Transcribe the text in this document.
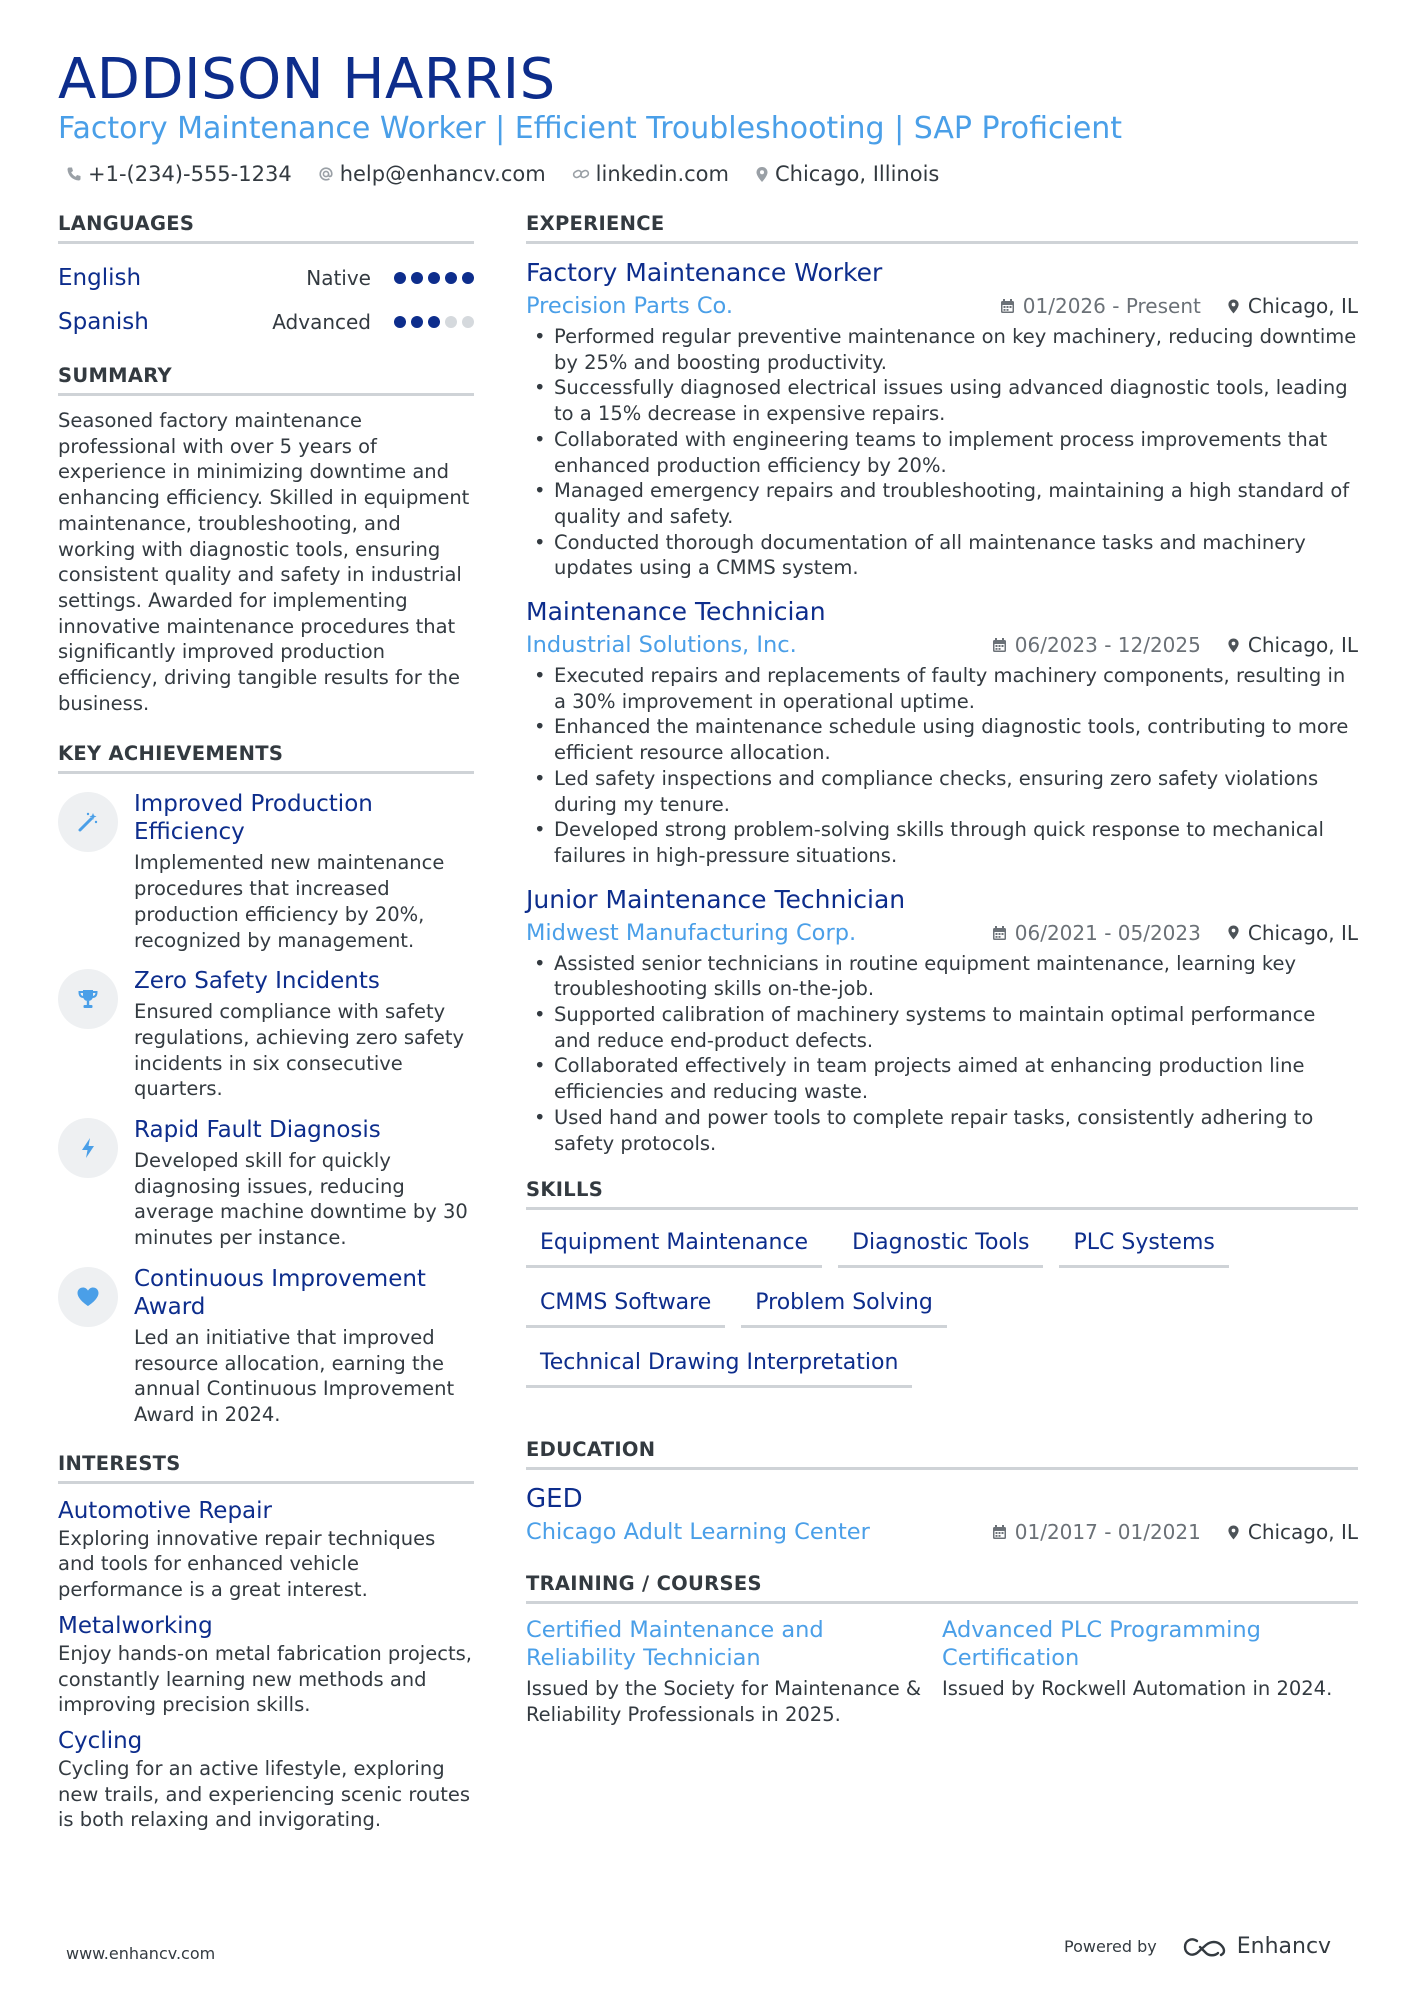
ADDISON HARRIS
Factory Maintenance Worker | Efficient Troubleshooting | SAP Proficient
+1-(234)-555-1234 help@enhancv.com linkedin.com Chicago, Illinois
LANGUAGES
English	Native
Spanish	Advanced
SUMMARY

Seasoned factory maintenance professional with over 5 years of experience in minimizing downtime and enhancing efficiency. Skilled in equipment maintenance, troubleshooting, and working with diagnostic tools, ensuring consistent quality and safety in industrial settings. Awarded for implementing innovative maintenance procedures that significantly improved production efficiency, driving tangible results for the business.

KEY ACHIEVEMENTS
Improved Production Efficiency
Implemented new maintenance procedures that increased production efficiency by 20%, recognized by management.
Zero Safety Incidents
Ensured compliance with safety regulations, achieving zero safety incidents in six consecutive quarters.
Rapid Fault Diagnosis
Developed skill for quickly diagnosing issues, reducing average machine downtime by 30 minutes per instance.
Continuous Improvement Award
Led an initiative that improved resource allocation, earning the annual Continuous Improvement Award in 2024.
INTERESTS
Automotive Repair
Exploring innovative repair techniques and tools for enhanced vehicle performance is a great interest.
Metalworking
Enjoy hands-on metal fabrication projects, constantly learning new methods and improving precision skills.
Cycling
Cycling for an active lifestyle, exploring new trails, and experiencing scenic routes is both relaxing and invigorating.
EXPERIENCE
Factory Maintenance Worker
Precision Parts Co.	01/2026 - Present Chicago, IL
• Performed regular preventive maintenance on key machinery, reducing downtime by 25% and boosting productivity.
• Successfully diagnosed electrical issues using advanced diagnostic tools, leading to a 15% decrease in expensive repairs.
• Collaborated with engineering teams to implement process improvements that enhanced production efficiency by 20%.
• Managed emergency repairs and troubleshooting, maintaining a high standard of quality and safety.
• Conducted thorough documentation of all maintenance tasks and machinery updates using a CMMS system.
Maintenance Technician
Industrial Solutions, Inc.	06/2023 - 12/2025 Chicago, IL
• Executed repairs and replacements of faulty machinery components, resulting in a 30% improvement in operational uptime.
• Enhanced the maintenance schedule using diagnostic tools, contributing to more efficient resource allocation.
• Led safety inspections and compliance checks, ensuring zero safety violations during my tenure.
• Developed strong problem-solving skills through quick response to mechanical failures in high-pressure situations.
Junior Maintenance Technician
Midwest Manufacturing Corp.	06/2021 - 05/2023 Chicago, IL
• Assisted senior technicians in routine equipment maintenance, learning key troubleshooting skills on-the-job.
• Supported calibration of machinery systems to maintain optimal performance and reduce end-product defects.
• Collaborated effectively in team projects aimed at enhancing production line efficiencies and reducing waste.
• Used hand and power tools to complete repair tasks, consistently adhering to safety protocols.
SKILLS
Equipment Maintenance	Diagnostic Tools	PLC Systems
CMMS Software	Problem Solving
Technical Drawing Interpretation
EDUCATION
GED
Chicago Adult Learning Center	01/2017 - 01/2021 Chicago, IL
TRAINING / COURSES
Certified Maintenance and Reliability Technician
Issued by the Society for Maintenance & Reliability Professionals in 2025.
Advanced PLC Programming Certification
Issued by Rockwell Automation in 2024.
www.enhancv.com	Powered by	Enhancv
